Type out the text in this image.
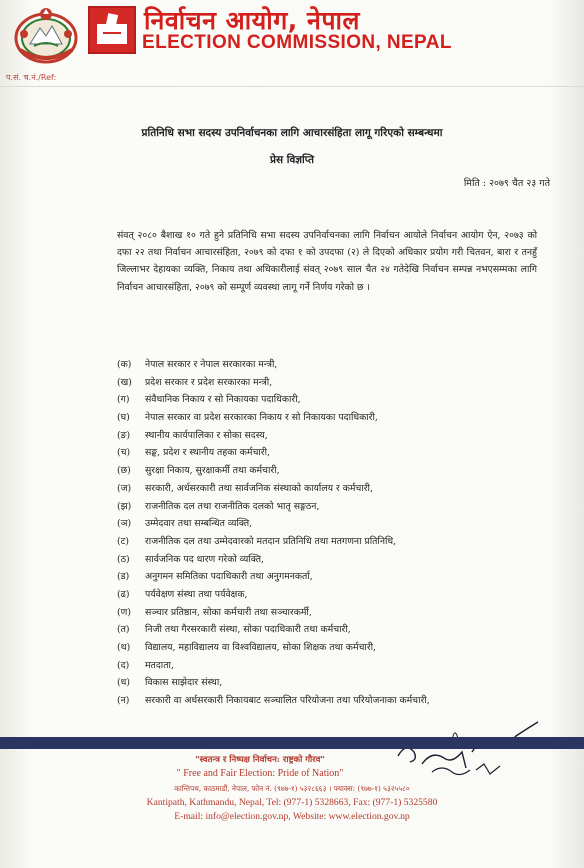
निर्वाचन आयोग, नेपाल
ELECTION COMMISSION, NEPAL
प.सं. च.नं./Ref:
प्रतिनिधि सभा सदस्य उपनिर्वाचनका लागि आचारसंहिता लागू गरिएको सम्बन्धमा
प्रेस विज्ञप्ति
मिति : २०७९ चैत २३ गते
संवत् २०८० बैशाख १० गते हुने प्रतिनिधि सभा सदस्य उपनिर्वाचनका लागि निर्वाचन आयोले निर्वाचन आयोग ऐन, २०७३ को दफा २२ तथा निर्वाचन आचारसंहिता, २०७९ को दफा १ को उपदफा (२) ले दिएको अधिकार प्रयोग गरी चितवन, बारा र तनहुँ जिल्लाभर देहायका व्यक्ति, निकाय तथा अधिकारीलाई संवत् २०७९ साल चैत २४ गतेदेखि निर्वाचन सम्पन्न नभएसम्मका लागि निर्वाचन आचारसंहिता, २०७९ को सम्पूर्ण व्यवस्था लागू गर्ने निर्णय गरेको छ ।
(क)	नेपाल सरकार र नेपाल सरकारका मन्त्री,
(ख)	प्रदेश सरकार र प्रदेश सरकारका मन्त्री,
(ग)	संवैधानिक निकाय र सो निकायका पदाधिकारी,
(घ)	नेपाल सरकार वा प्रदेश सरकारका निकाय र सो निकायका पदाधिकारी,
(ङ)	स्थानीय कार्यपालिका र सोका सदस्य,
(च)	सङ्घ, प्रदेश र स्थानीय तहका कर्मचारी,
(छ)	सुरक्षा निकाय, सुरक्षाकर्मी तथा कर्मचारी,
(ज)	सरकारी, अर्धसरकारी तथा सार्वजनिक संस्थाको कार्यालय र कर्मचारी,
(झ)	राजनीतिक दल तथा राजनीतिक दलको भातृ सङ्गठन,
(ञ)	उम्मेदवार तथा सम्बन्धित व्यक्ति,
(ट)	राजनीतिक दल तथा उम्मेदवारको मतदान प्रतिनिधि तथा मतगणना प्रतिनिधि,
(ठ)	सार्वजनिक पद धारण गरेको व्यक्ति,
(ड)	अनुगमन समितिका पदाधिकारी तथा अनुगमनकर्ता,
(ढ)	पर्यवेक्षण संस्था तथा पर्यवेक्षक,
(ण)	सञ्चार प्रतिष्ठान, सोका कर्मचारी तथा सञ्चारकर्मी,
(त)	निजी तथा गैरसरकारी संस्था, सोका पदाधिकारी तथा कर्मचारी,
(थ)	विद्यालय, महाविद्यालय वा विश्वविद्यालय, सोका शिक्षक तथा कर्मचारी,
(द)	मतदाता,
(ध)	विकास साझेदार संस्था,
(न)	सरकारी वा अर्धसरकारी निकायबाट सञ्चालित परियोजना तथा परियोजनाका कर्मचारी,
"स्वतन्त्र र निष्पक्ष निर्वाचन: राष्ट्रको गौरव"
" Free and Fair Election: Pride of Nation"
कान्तिपथ, काठमाडौं, नेपाल, फोन नं. (९७७-१) ५३२८६६३ । फ्याक्स: (९७७-१) ५३२५५८०
Kantipath, Kathmandu, Nepal, Tel: (977-1) 5328663, Fax: (977-1) 5325580
E-mail: info@election.gov.np, Website: www.election.gov.np
